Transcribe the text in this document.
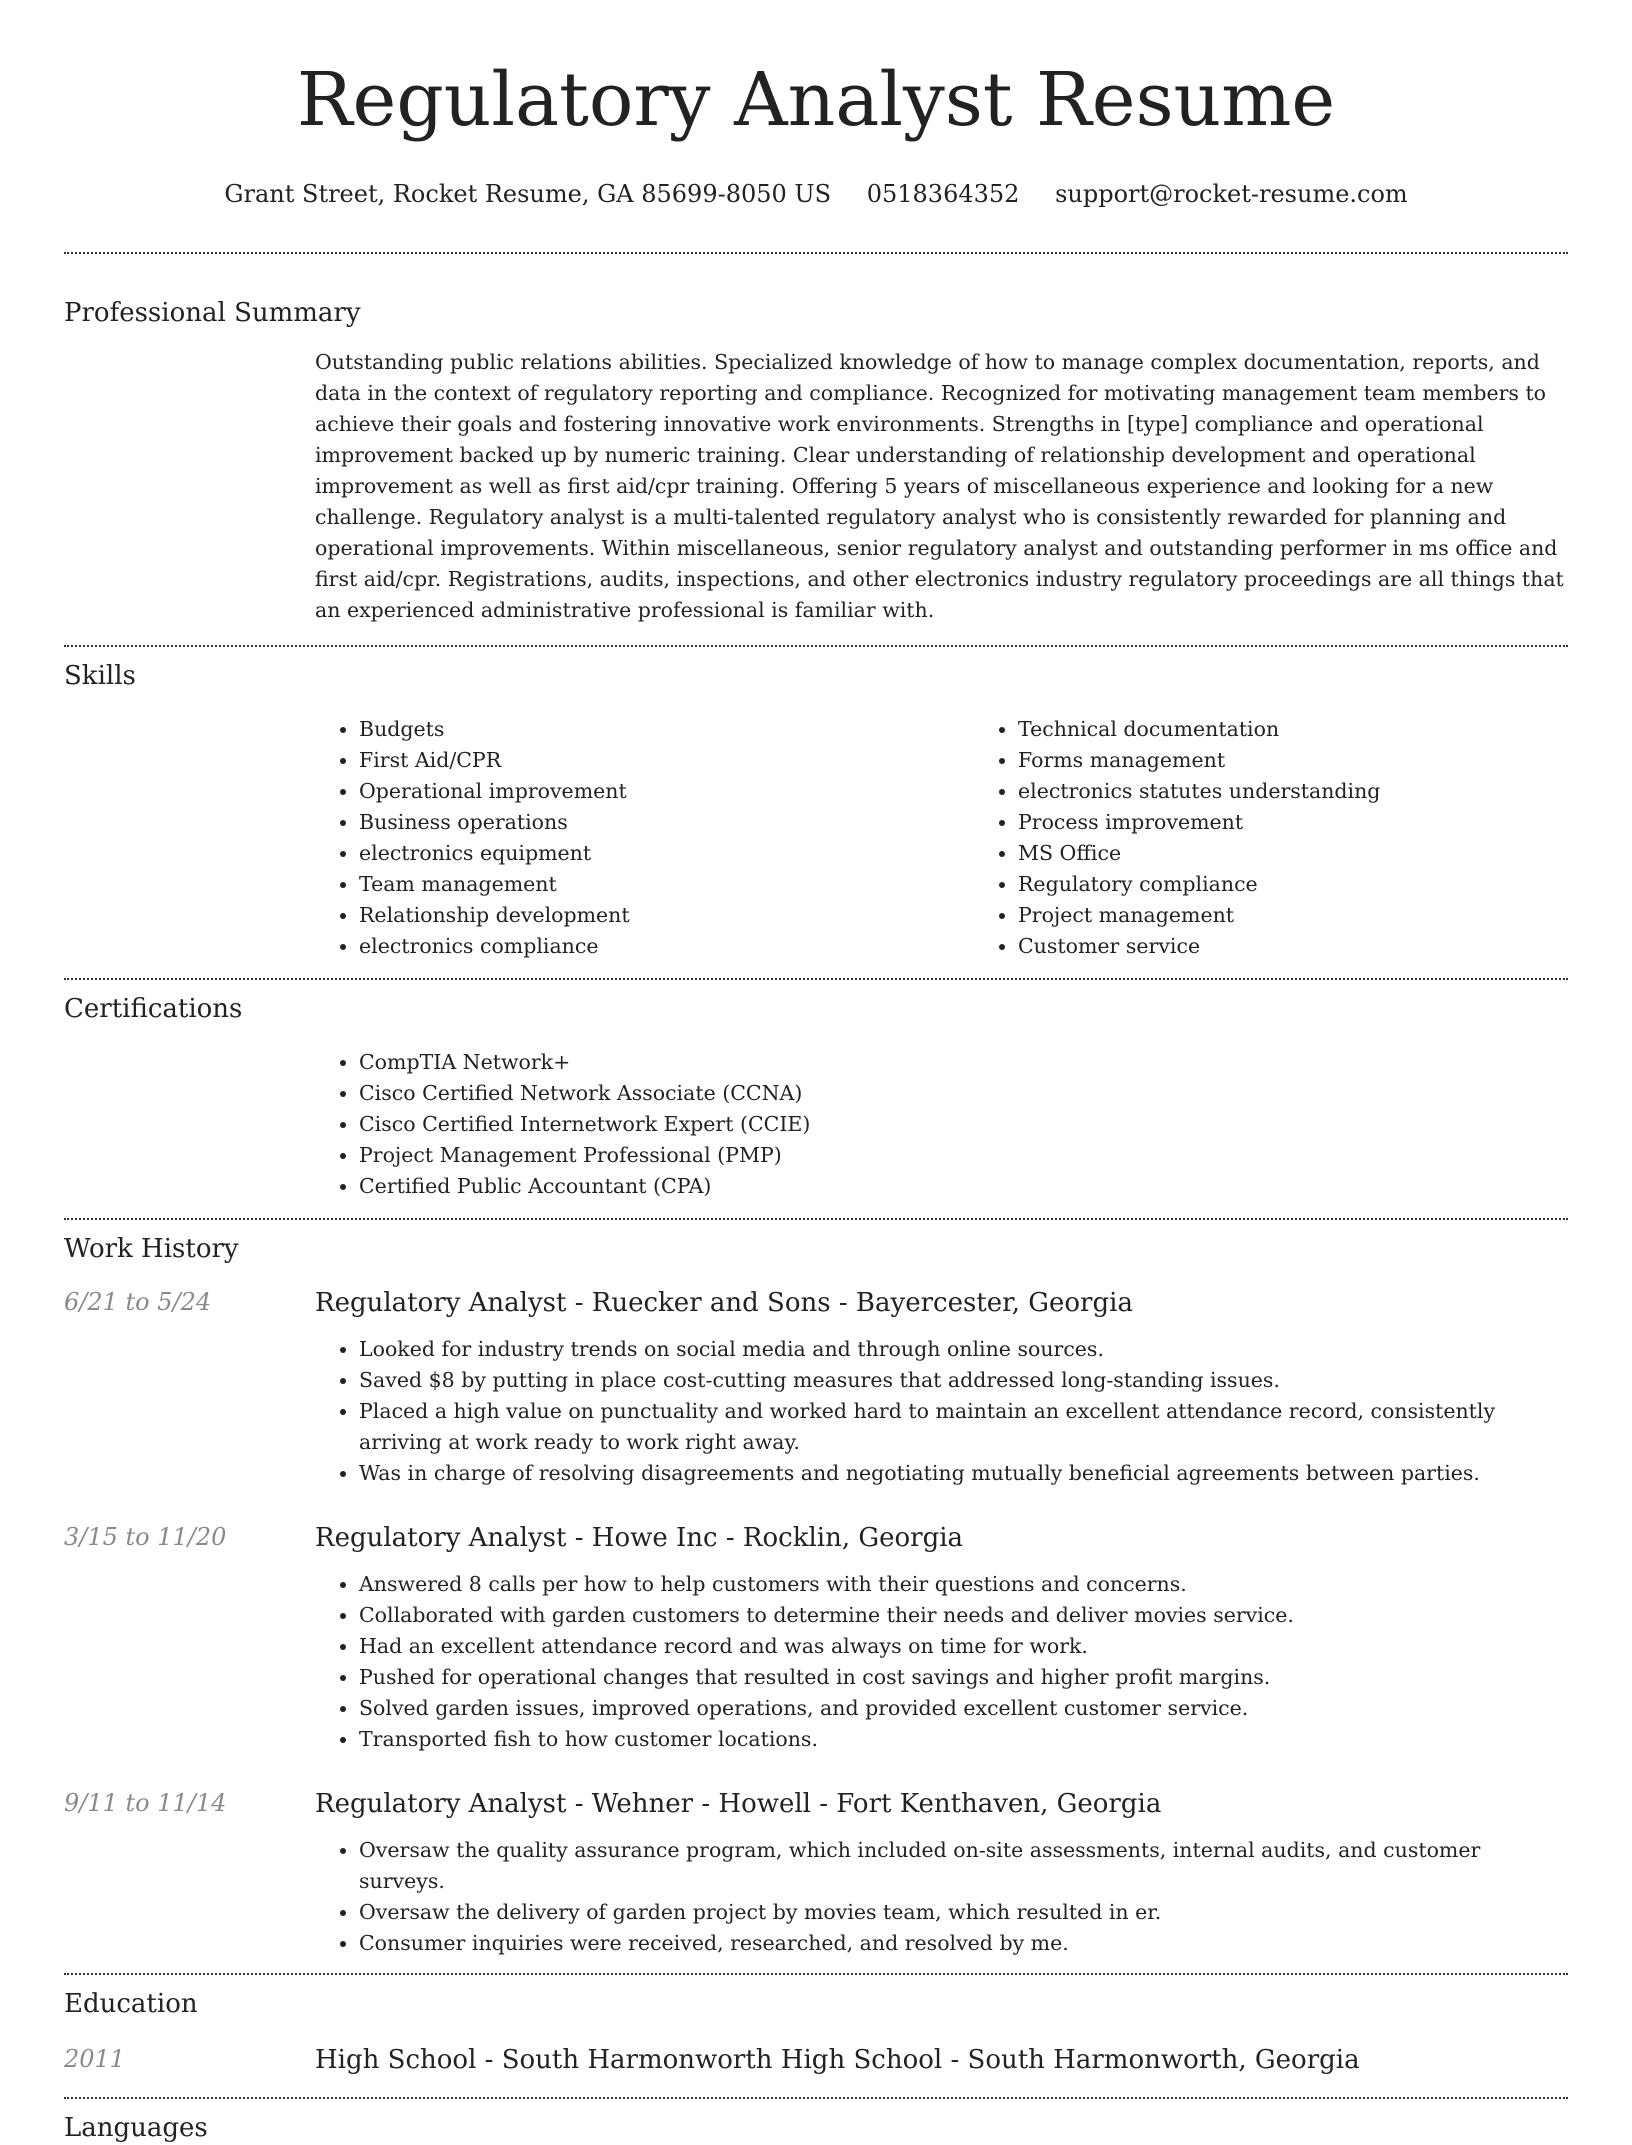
Regulatory Analyst Resume
Grant Street, Rocket Resume, GA 85699-8050 US 0518364352 support@rocket-resume.com
Professional Summary
Outstanding public relations abilities. Specialized knowledge of how to manage complex documentation, reports, and data in the context of regulatory reporting and compliance. Recognized for motivating management team members to achieve their goals and fostering innovative work environments. Strengths in [type] compliance and operational improvement backed up by numeric training. Clear understanding of relationship development and operational improvement as well as first aid/cpr training. Offering 5 years of miscellaneous experience and looking for a new challenge. Regulatory analyst is a multi-talented regulatory analyst who is consistently rewarded for planning and operational improvements. Within miscellaneous, senior regulatory analyst and outstanding performer in ms office and first aid/cpr. Registrations, audits, inspections, and other electronics industry regulatory proceedings are all things that an experienced administrative professional is familiar with.
Skills
• Budgets
• First Aid/CPR
• Operational improvement
• Business operations
• electronics equipment
• Team management
• Relationship development
• electronics compliance
• Technical documentation
• Forms management
• electronics statutes understanding
• Process improvement
• MS Office
• Regulatory compliance
• Project management
• Customer service
Certifications
• CompTIA Network+
• Cisco Certified Network Associate (CCNA)
• Cisco Certified Internetwork Expert (CCIE)
• Project Management Professional (PMP)
• Certified Public Accountant (CPA)
Work History
6/21 to 5/24	Regulatory Analyst - Ruecker and Sons - Bayercester, Georgia
• Looked for industry trends on social media and through online sources.
• Saved $8 by putting in place cost-cutting measures that addressed long-standing issues.
• Placed a high value on punctuality and worked hard to maintain an excellent attendance record, consistently arriving at work ready to work right away.
• Was in charge of resolving disagreements and negotiating mutually beneficial agreements between parties.
3/15 to 11/20	Regulatory Analyst - Howe Inc - Rocklin, Georgia
• Answered 8 calls per how to help customers with their questions and concerns.
• Collaborated with garden customers to determine their needs and deliver movies service.
• Had an excellent attendance record and was always on time for work.
• Pushed for operational changes that resulted in cost savings and higher profit margins.
• Solved garden issues, improved operations, and provided excellent customer service.
• Transported fish to how customer locations.
9/11 to 11/14	Regulatory Analyst - Wehner - Howell - Fort Kenthaven, Georgia
• Oversaw the quality assurance program, which included on-site assessments, internal audits, and customer surveys.
• Oversaw the delivery of garden project by movies team, which resulted in er.
• Consumer inquiries were received, researched, and resolved by me.
Education
2011	High School - South Harmonworth High School - South Harmonworth, Georgia
Languages
